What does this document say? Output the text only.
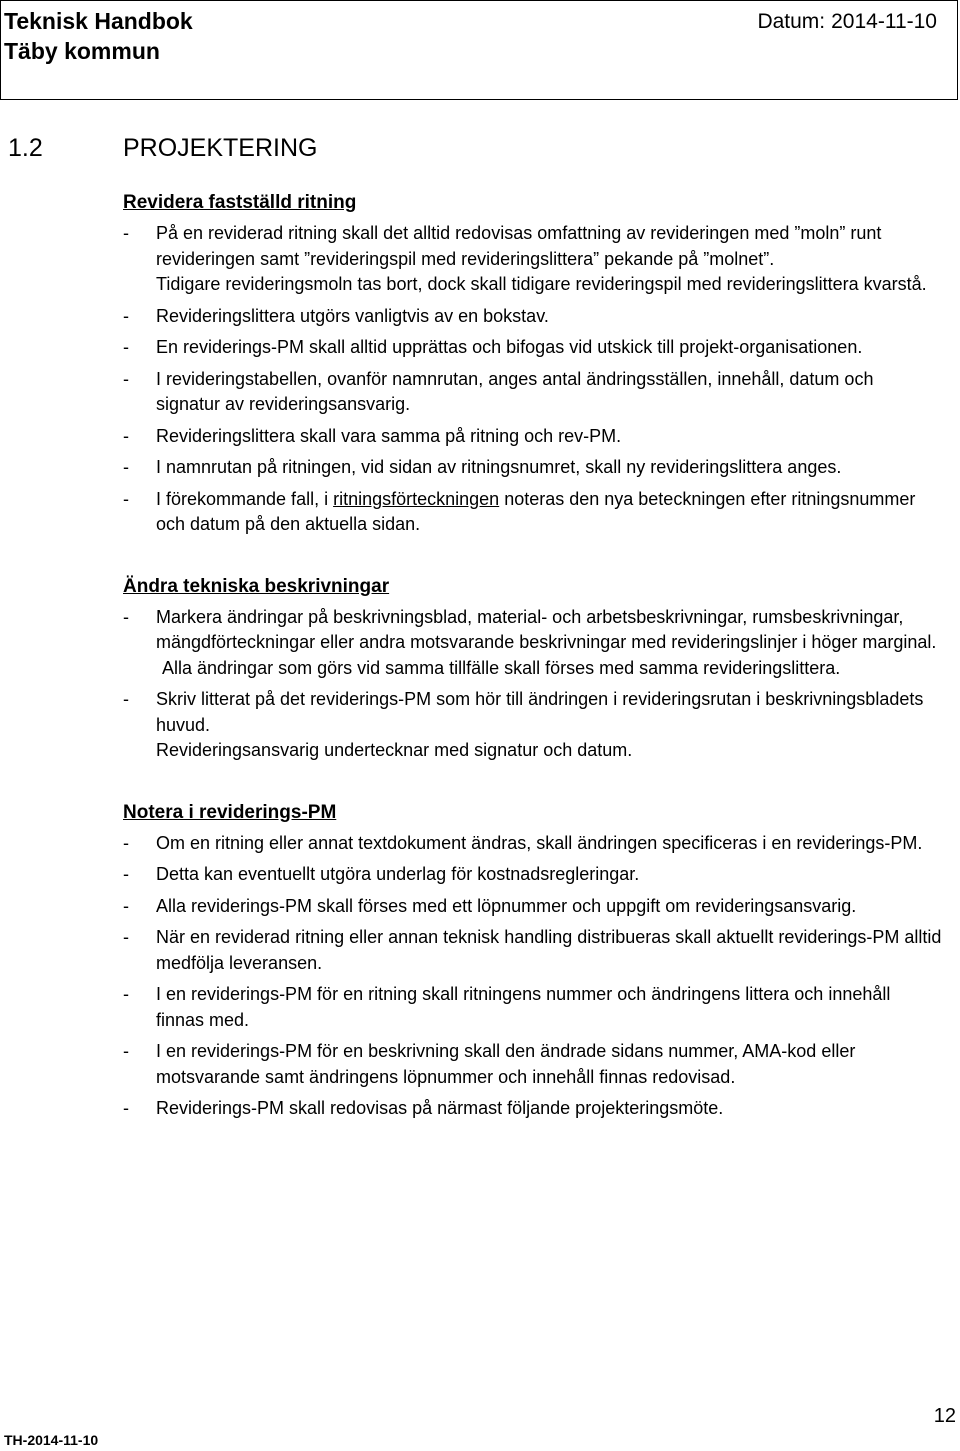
Teknisk Handbok
Täby kommun
Datum: 2014-11-10
1.2	PROJEKTERING
Revidera fastställd ritning
- På en reviderad ritning skall det alltid redovisas omfattning av revideringen med ”moln” runt revideringen samt ”revideringspil med revideringslittera” pekande på ”molnet”.
Tidigare revideringsmoln tas bort, dock skall tidigare revideringspil med revideringslittera kvarstå.
- Revideringslittera utgörs vanligtvis av en bokstav.
- En reviderings-PM skall alltid upprättas och bifogas vid utskick till projekt-organisationen.
- I revideringstabellen, ovanför namnrutan, anges antal ändringsställen, innehåll, datum och signatur av revideringsansvarig.
- Revideringslittera skall vara samma på ritning och rev-PM.
- I namnrutan på ritningen, vid sidan av ritningsnumret, skall ny revideringslittera anges.
- I förekommande fall, i ritningsförteckningen noteras den nya beteckningen efter ritningsnummer och datum på den aktuella sidan.
Ändra tekniska beskrivningar
- Markera ändringar på beskrivningsblad, material- och arbetsbeskrivningar, rumsbeskrivningar, mängdförteckningar eller andra motsvarande beskrivningar med revideringslinjer i höger marginal.
Alla ändringar som görs vid samma tillfälle skall förses med samma revideringslittera.
- Skriv litterat på det reviderings-PM som hör till ändringen i revideringsrutan i beskrivningsbladets huvud.
Revideringsansvarig undertecknar med signatur och datum.
Notera i reviderings-PM
- Om en ritning eller annat textdokument ändras, skall ändringen specificeras i en reviderings-PM.
- Detta kan eventuellt utgöra underlag för kostnadsregleringar.
- Alla reviderings-PM skall förses med ett löpnummer och uppgift om revideringsansvarig.
- När en reviderad ritning eller annan teknisk handling distribueras skall aktuellt reviderings-PM alltid medfölja leveransen.
- I en reviderings-PM för en ritning skall ritningens nummer och ändringens littera och innehåll finnas med.
- I en reviderings-PM för en beskrivning skall den ändrade sidans nummer, AMA-kod eller motsvarande samt ändringens löpnummer och innehåll finnas redovisad.
- Reviderings-PM skall redovisas på närmast följande projekteringsmöte.
12
TH-2014-11-10
